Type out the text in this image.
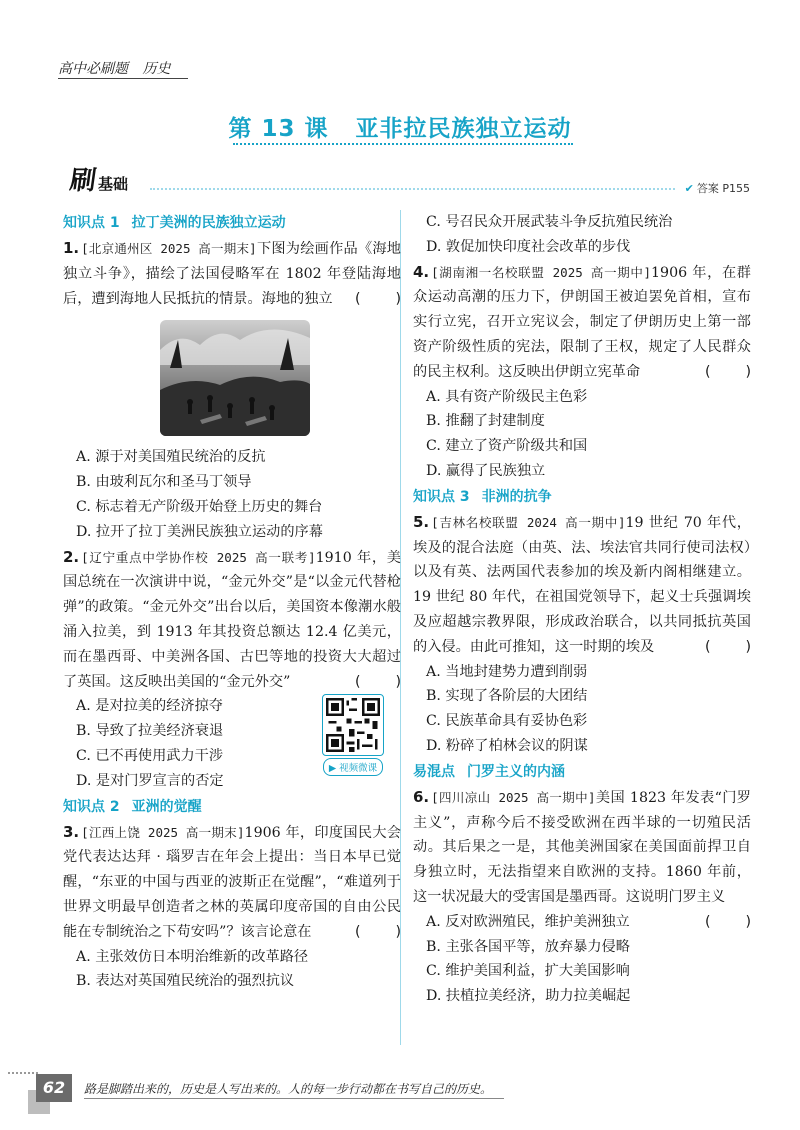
高中必刷题 历史
第 13 课 亚非拉民族独立运动
刷 基础	✔ 答案 P155
知识点 1 拉丁美洲的民族独立运动
1. [北京通州区 2025 高一期末]下图为绘画作品《海地独立斗争》，描绘了法国侵略军在 1802 年登陆海地后，遭到海地人民抵抗的情景。海地的独立 ( )
A. 源于对美国殖民统治的反抗
B. 由玻利瓦尔和圣马丁领导
C. 标志着无产阶级开始登上历史的舞台
D. 拉开了拉丁美洲民族独立运动的序幕
2. [辽宁重点中学协作校 2025 高一联考]1910 年，美国总统在一次演讲中说，“金元外交”是“以金元代替枪弹”的政策。“金元外交”出台以后，美国资本像潮水般涌入拉美，到 1913 年其投资总额达 12.4 亿美元，而在墨西哥、中美洲各国、古巴等地的投资大大超过了英国。这反映出美国的“金元外交”	( )
A. 是对拉美的经济掠夺
B. 导致了拉美经济衰退
C. 已不再使用武力干涉
D. 是对门罗宣言的否定
▶ 视频微课
知识点 2 亚洲的觉醒
3. [江西上饶 2025 高一期末]1906 年，印度国民大会党代表达达拜 · 瑙罗吉在年会上提出：当日本早已觉醒，“东亚的中国与西亚的波斯正在觉醒”，“难道列于世界文明最早创造者之林的英属印度帝国的自由公民能在专制统治之下苟安吗”？该言论意在	( )
A. 主张效仿日本明治维新的改革路径
B. 表达对英国殖民统治的强烈抗议
C. 号召民众开展武装斗争反抗殖民统治
D. 敦促加快印度社会改革的步伐
4. [湖南湘一名校联盟 2025 高一期中]1906 年，在群众运动高潮的压力下，伊朗国王被迫罢免首相，宣布实行立宪，召开立宪议会，制定了伊朗历史上第一部资产阶级性质的宪法，限制了王权，规定了人民群众的民主权利。这反映出伊朗立宪革命	( )
A. 具有资产阶级民主色彩
B. 推翻了封建制度
C. 建立了资产阶级共和国
D. 赢得了民族独立
知识点 3 非洲的抗争
5. [吉林名校联盟 2024 高一期中]19 世纪 70 年代，埃及的混合法庭（由英、法、埃法官共同行使司法权）以及有英、法两国代表参加的埃及新内阁相继建立。19 世纪 80 年代，在祖国党领导下，起义士兵强调埃及应超越宗教界限，形成政治联合，以共同抵抗英国的入侵。由此可推知，这一时期的埃及	( )
A. 当地封建势力遭到削弱
B. 实现了各阶层的大团结
C. 民族革命具有妥协色彩
D. 粉碎了柏林会议的阴谋
易混点 门罗主义的内涵
6. [四川凉山 2025 高一期中]美国 1823 年发表“门罗主义”，声称今后不接受欧洲在西半球的一切殖民活动。其后果之一是，其他美洲国家在美国面前捍卫自身独立时，无法指望来自欧洲的支持。1860 年前，这一状况最大的受害国是墨西哥。这说明门罗主义
( )
A. 反对欧洲殖民，维护美洲独立
B. 主张各国平等，放弃暴力侵略
C. 维护美国利益，扩大美国影响
D. 扶植拉美经济，助力拉美崛起
62	路是脚踏出来的，历史是人写出来的。人的每一步行动都在书写自己的历史。
